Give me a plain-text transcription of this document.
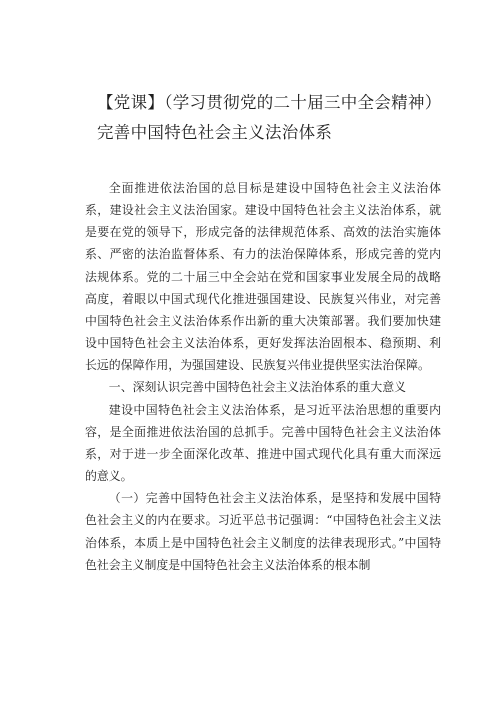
【党课】（学习贯彻党的二十届三中全会精神）
完善中国特色社会主义法治体系

全面推进依法治国的总目标是建设中国特色社会主义法治体系，建设社会主义法治国家。建设中国特色社会主义法治体系，就是要在党的领导下，形成完备的法律规范体系、高效的法治实施体系、严密的法治监督体系、有力的法治保障体系，形成完善的党内法规体系。党的二十届三中全会站在党和国家事业发展全局的战略高度，着眼以中国式现代化推进强国建设、民族复兴伟业，对完善中国特色社会主义法治体系作出新的重大决策部署。我们要加快建设中国特色社会主义法治体系，更好发挥法治固根本、稳预期、利长远的保障作用，为强国建设、民族复兴伟业提供坚实法治保障。

一、深刻认识完善中国特色社会主义法治体系的重大意义

建设中国特色社会主义法治体系，是习近平法治思想的重要内容，是全面推进依法治国的总抓手。完善中国特色社会主义法治体系，对于进一步全面深化改革、推进中国式现代化具有重大而深远的意义。

（一）完善中国特色社会主义法治体系，是坚持和发展中国特色社会主义的内在要求。习近平总书记强调：“中国特色社会主义法治体系，本质上是中国特色社会主义制度的法律表现形式。”中国特色社会主义制度是中国特色社会主义法治体系的根本制
